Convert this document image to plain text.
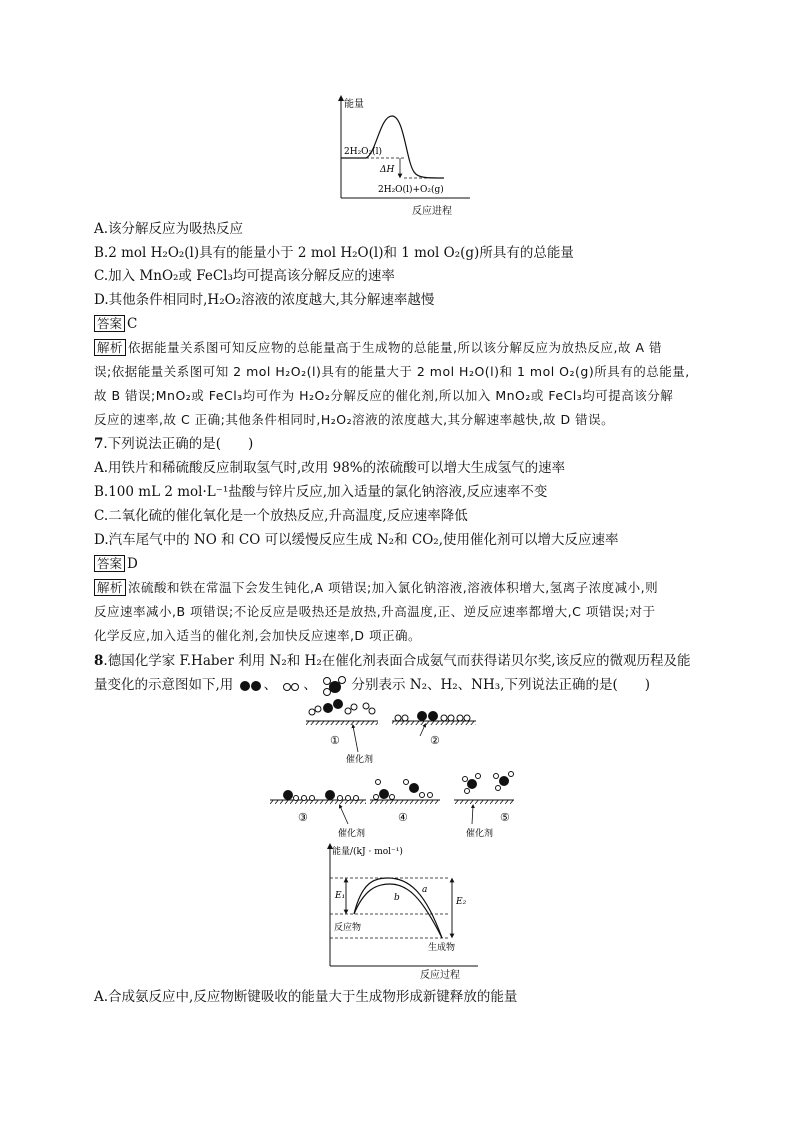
能量
2H₂O₂(l)
ΔH
2H₂O(l)+O₂(g)
反应进程
A.该分解反应为吸热反应
B.2 mol H₂O₂(l)具有的能量小于 2 mol H₂O(l)和 1 mol O₂(g)所具有的总能量
C.加入 MnO₂或 FeCl₃均可提高该分解反应的速率
D.其他条件相同时,H₂O₂溶液的浓度越大,其分解速率越慢
答案 C
解析 依据能量关系图可知反应物的总能量高于生成物的总能量,所以该分解反应为放热反应,故 A 错
误;依据能量关系图可知 2 mol H₂O₂(l)具有的能量大于 2 mol H₂O(l)和 1 mol O₂(g)所具有的总能量,
故 B 错误;MnO₂或 FeCl₃均可作为 H₂O₂分解反应的催化剂,所以加入 MnO₂或 FeCl₃均可提高该分解
反应的速率,故 C 正确;其他条件相同时,H₂O₂溶液的浓度越大,其分解速率越快,故 D 错误。
7.下列说法正确的是(　　)
A.用铁片和稀硫酸反应制取氢气时,改用 98%的浓硫酸可以增大生成氢气的速率
B.100 mL 2 mol·L⁻¹盐酸与锌片反应,加入适量的氯化钠溶液,反应速率不变
C.二氧化硫的催化氧化是一个放热反应,升高温度,反应速率降低
D.汽车尾气中的 NO 和 CO 可以缓慢反应生成 N₂和 CO₂,使用催化剂可以增大反应速率
答案 D
解析 浓硫酸和铁在常温下会发生钝化,A 项错误;加入氯化钠溶液,溶液体积增大,氢离子浓度减小,则
反应速率减小,B 项错误;不论反应是吸热还是放热,升高温度,正、逆反应速率都增大,C 项错误;对于
化学反应,加入适当的催化剂,会加快反应速率,D 项正确。
8.德国化学家 F.Haber 利用 N₂和 H₂在催化剂表面合成氨气而获得诺贝尔奖,该反应的微观历程及能
量变化的示意图如下,用 、 、	分别表示 N₂、H₂、NH₃,下列说法正确的是(　　)
①	②
催化剂
③	④	⑤
催化剂	催化剂
能量/(kJ · mol⁻¹)
E₁
E₂
a
b
反应物
生成物
反应过程
A.合成氨反应中,反应物断键吸收的能量大于生成物形成新键释放的能量
